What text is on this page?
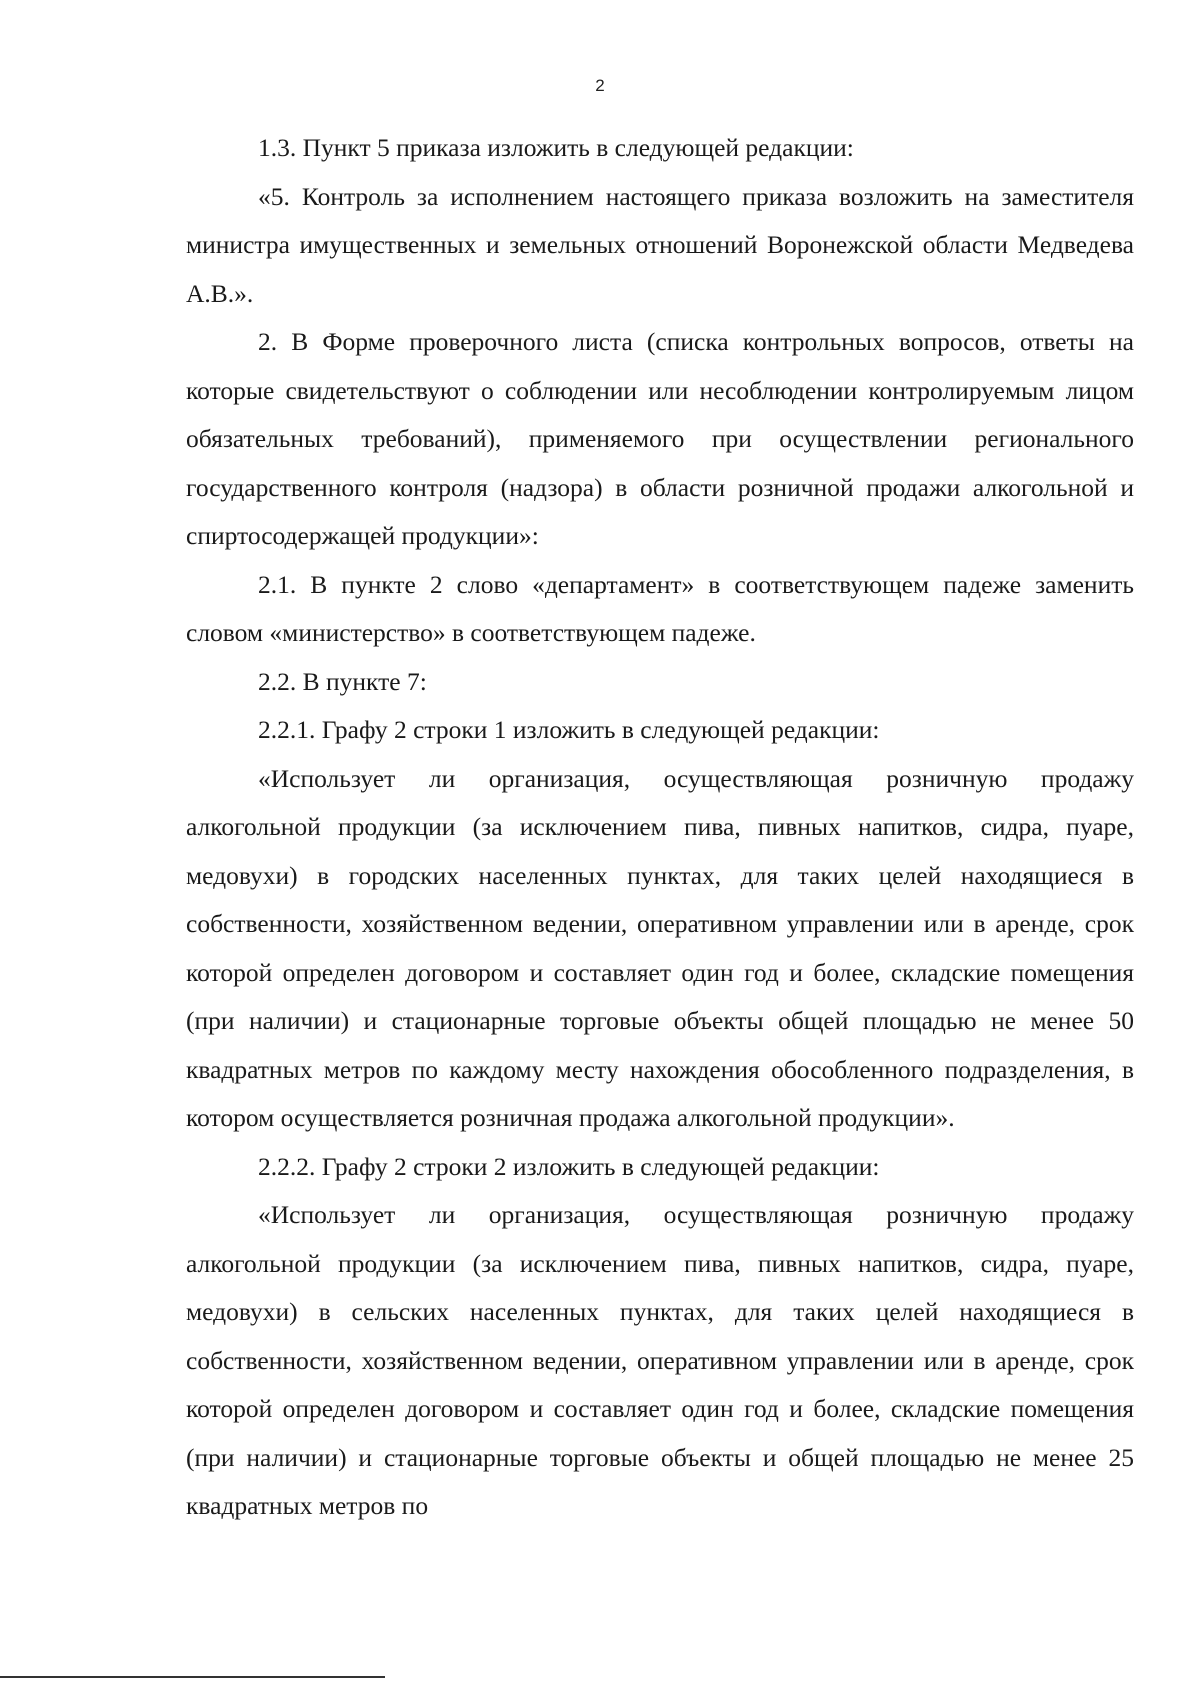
2

1.3. Пункт 5 приказа изложить в следующей редакции:

«5. Контроль за исполнением настоящего приказа возложить на заместителя министра имущественных и земельных отношений Воронежской области Медведева А.В.».

2. В Форме проверочного листа (списка контрольных вопросов, ответы на которые свидетельствуют о соблюдении или несоблюдении контролируемым лицом обязательных требований), применяемого при осуществлении регионального государственного контроля (надзора) в области розничной продажи алкогольной и спиртосодержащей продукции»:

2.1. В пункте 2 слово «департамент» в соответствующем падеже заменить словом «министерство» в соответствующем падеже.

2.2. В пункте 7:

2.2.1. Графу 2 строки 1 изложить в следующей редакции:

«Использует ли организация, осуществляющая розничную продажу алкогольной продукции (за исключением пива, пивных напитков, сидра, пуаре, медовухи) в городских населенных пунктах, для таких целей находящиеся в собственности, хозяйственном ведении, оперативном управлении или в аренде, срок которой определен договором и составляет один год и более, складские помещения (при наличии) и стационарные торговые объекты общей площадью не менее 50 квадратных метров по каждому месту нахождения обособленного подразделения, в котором осуществляется розничная продажа алкогольной продукции».

2.2.2. Графу 2 строки 2 изложить в следующей редакции:

«Использует ли организация, осуществляющая розничную продажу алкогольной продукции (за исключением пива, пивных напитков, сидра, пуаре, медовухи) в сельских населенных пунктах, для таких целей находящиеся в собственности, хозяйственном ведении, оперативном управлении или в аренде, срок которой определен договором и составляет один год и более, складские помещения (при наличии) и стационарные торговые объекты и общей площадью не менее 25 квадратных метров по
